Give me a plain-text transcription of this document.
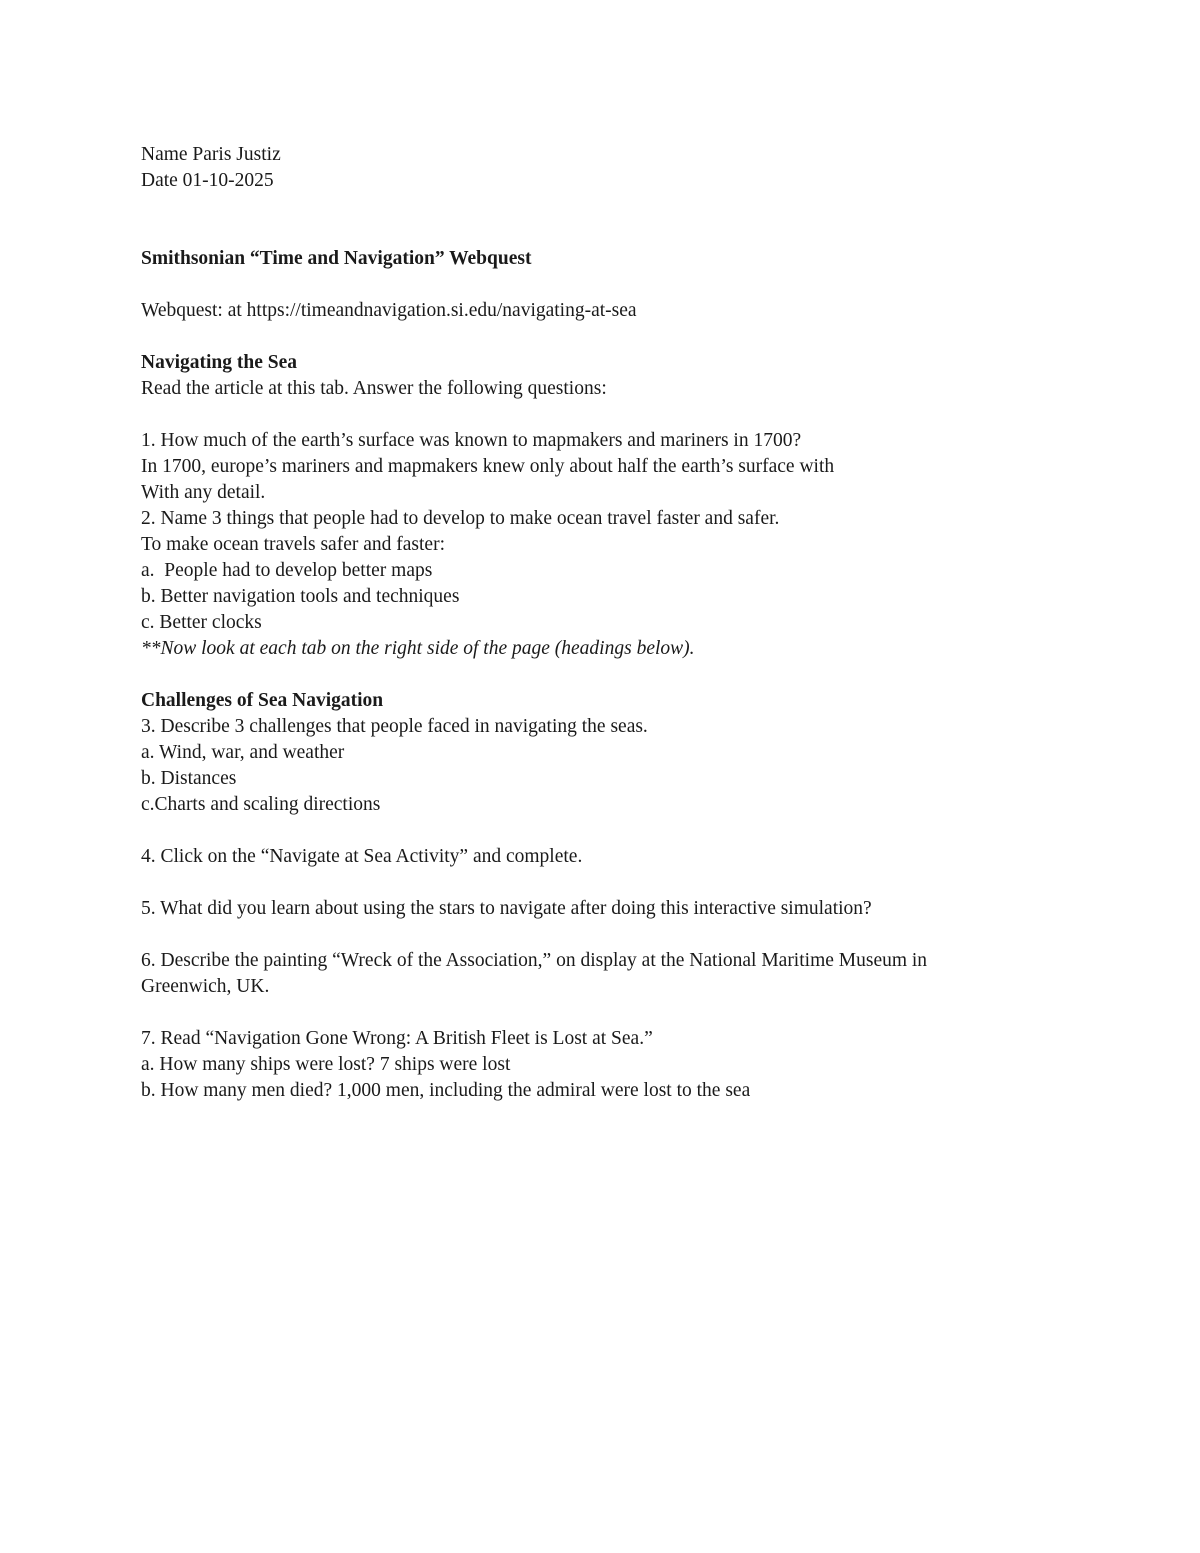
Name Paris Justiz
Date 01-10-2025
Smithsonian “Time and Navigation” Webquest
Webquest: at https://timeandnavigation.si.edu/navigating-at-sea
Navigating the Sea
Read the article at this tab. Answer the following questions:
1. How much of the earth’s surface was known to mapmakers and mariners in 1700?
In 1700, europe’s mariners and mapmakers knew only about half the earth’s surface with
With any detail.
2. Name 3 things that people had to develop to make ocean travel faster and safer.
To make ocean travels safer and faster:
a.  People had to develop better maps
b. Better navigation tools and techniques
c. Better clocks
**Now look at each tab on the right side of the page (headings below).
Challenges of Sea Navigation
3. Describe 3 challenges that people faced in navigating the seas.
a. Wind, war, and weather
b. Distances
c.Charts and scaling directions
4. Click on the “Navigate at Sea Activity” and complete.
5. What did you learn about using the stars to navigate after doing this interactive simulation?
6. Describe the painting “Wreck of the Association,” on display at the National Maritime Museum in
Greenwich, UK.
7. Read “Navigation Gone Wrong: A British Fleet is Lost at Sea.”
a. How many ships were lost? 7 ships were lost
b. How many men died? 1,000 men, including the admiral were lost to the sea
